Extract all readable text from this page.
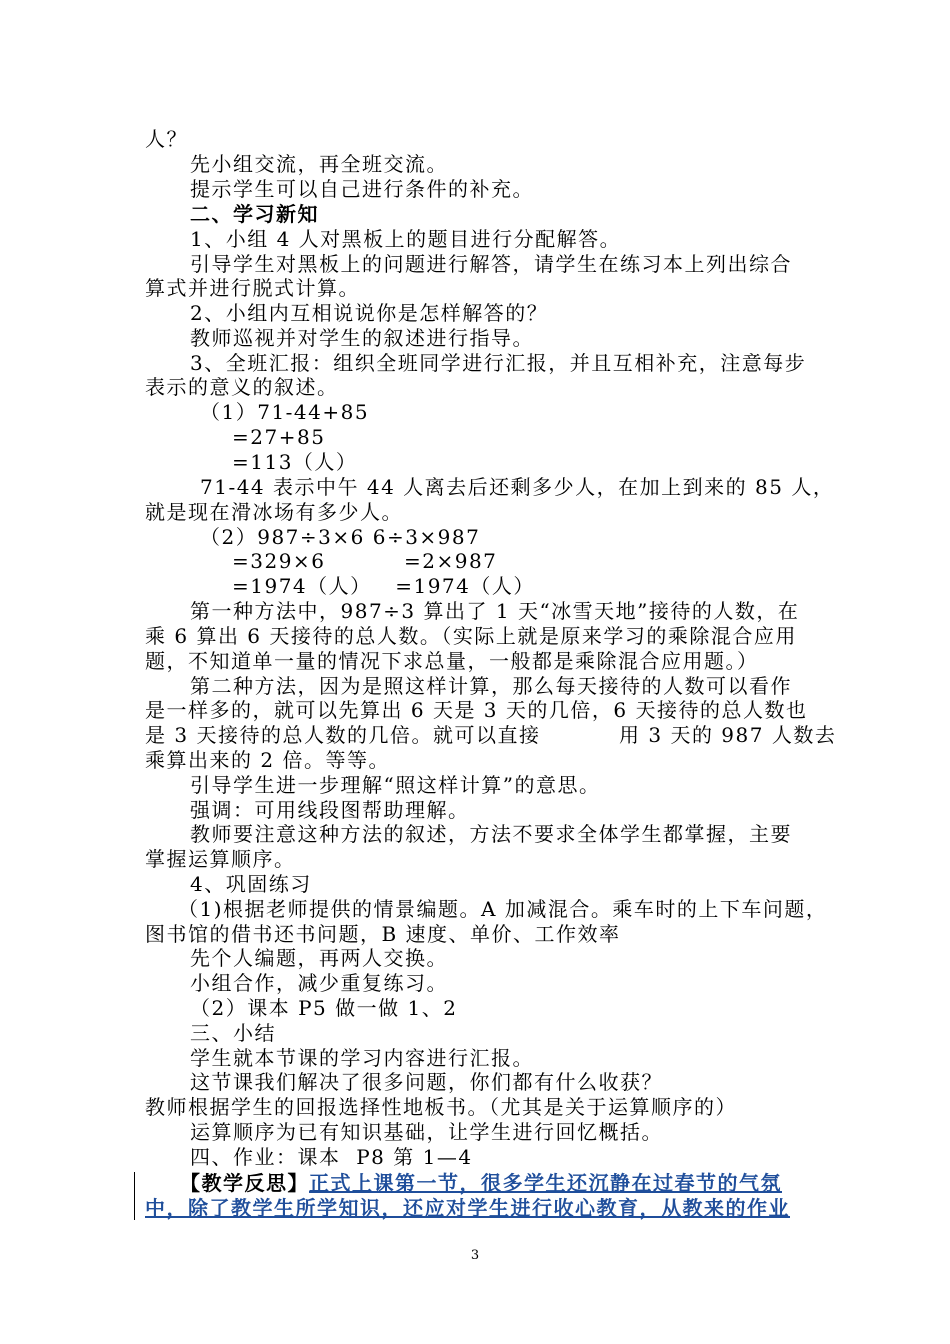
人？
先小组交流，再全班交流。
提示学生可以自己进行条件的补充。
二、学习新知
1、小组 4 人对黑板上的题目进行分配解答。
引导学生对黑板上的问题进行解答，请学生在练习本上列出综合
算式并进行脱式计算。
2、小组内互相说说你是怎样解答的？
教师巡视并对学生的叙述进行指导。
3、全班汇报：组织全班同学进行汇报，并且互相补充，注意每步
表示的意义的叙述。
（1）71-44+85
=27+85
=113（人）
71-44 表示中午 44 人离去后还剩多少人，在加上到来的 85 人，
就是现在滑冰场有多少人。
（2）987÷3×6 6÷3×987
=329×6          =2×987
=1974（人）   =1974（人）
第一种方法中，987÷3 算出了 1 天“冰雪天地”接待的人数，在
乘 6 算出 6 天接待的总人数。（实际上就是原来学习的乘除混合应用
题，不知道单一量的情况下求总量，一般都是乘除混合应用题。）
第二种方法，因为是照这样计算，那么每天接待的人数可以看作
是一样多的，就可以先算出 6 天是 3 天的几倍，6 天接待的总人数也
是 3 天接待的总人数的几倍。就可以直接          用 3 天的 987 人数去
乘算出来的 2 倍。等等。
引导学生进一步理解“照这样计算”的意思。
强调：可用线段图帮助理解。
教师要注意这种方法的叙述，方法不要求全体学生都掌握，主要
掌握运算顺序。
4、巩固练习
（1)根据老师提供的情景编题。A 加减混合。乘车时的上下车问题，
图书馆的借书还书问题，B 速度、单价、工作效率
先个人编题，再两人交换。
小组合作，减少重复练习。
（2）课本 P5 做一做 1、2
三、小结
学生就本节课的学习内容进行汇报。
这节课我们解决了很多问题，你们都有什么收获？
教师根据学生的回报选择性地板书。（尤其是关于运算顺序的）
运算顺序为已有知识基础，让学生进行回忆概括。
四、作业：课本  P8 第 1—4
【教学反思】正式上课第一节，很多学生还沉静在过春节的气氛
中，除了教学生所学知识，还应对学生进行收心教育，从教来的作业
3
